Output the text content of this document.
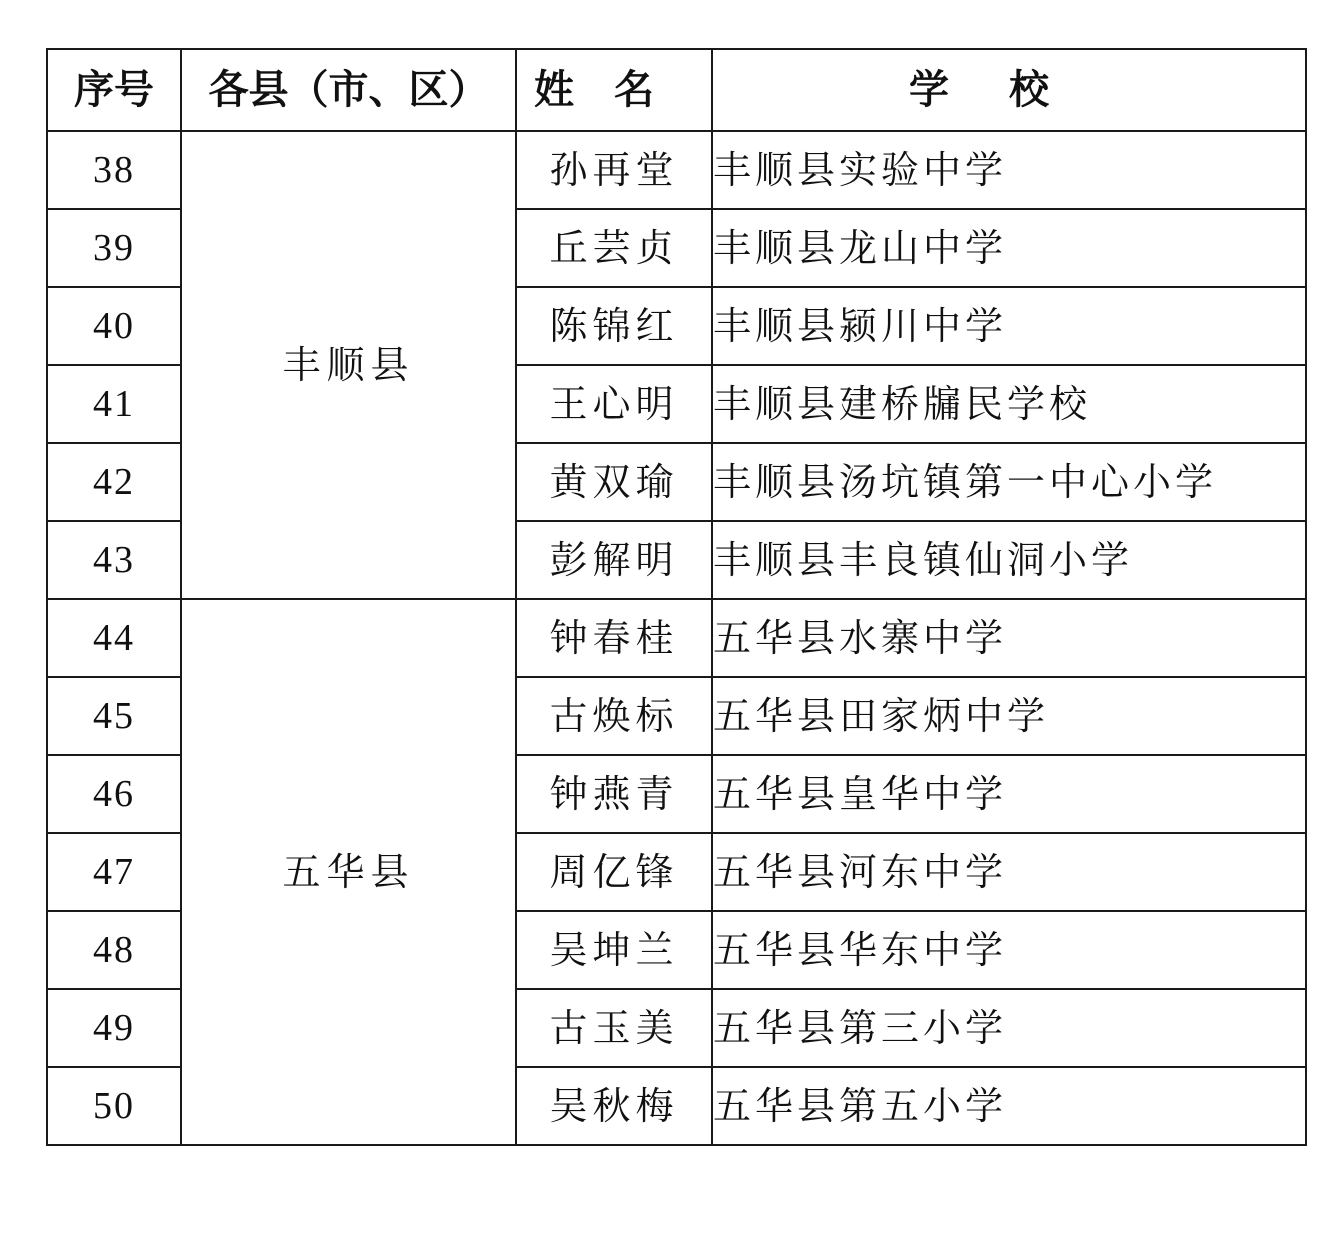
序号	各县（市、区）	姓名	学校
38	丰顺县	孙再堂	丰顺县实验中学
39		丘芸贞	丰顺县龙山中学
40		陈锦红	丰顺县颍川中学
41		王心明	丰顺县建桥牖民学校
42		黄双瑜	丰顺县汤坑镇第一中心小学
43		彭解明	丰顺县丰良镇仙洞小学
44	五华县	钟春桂	五华县水寨中学
45		古焕标	五华县田家炳中学
46		钟燕青	五华县皇华中学
47		周亿锋	五华县河东中学
48		吴坤兰	五华县华东中学
49		古玉美	五华县第三小学
50		吴秋梅	五华县第五小学
